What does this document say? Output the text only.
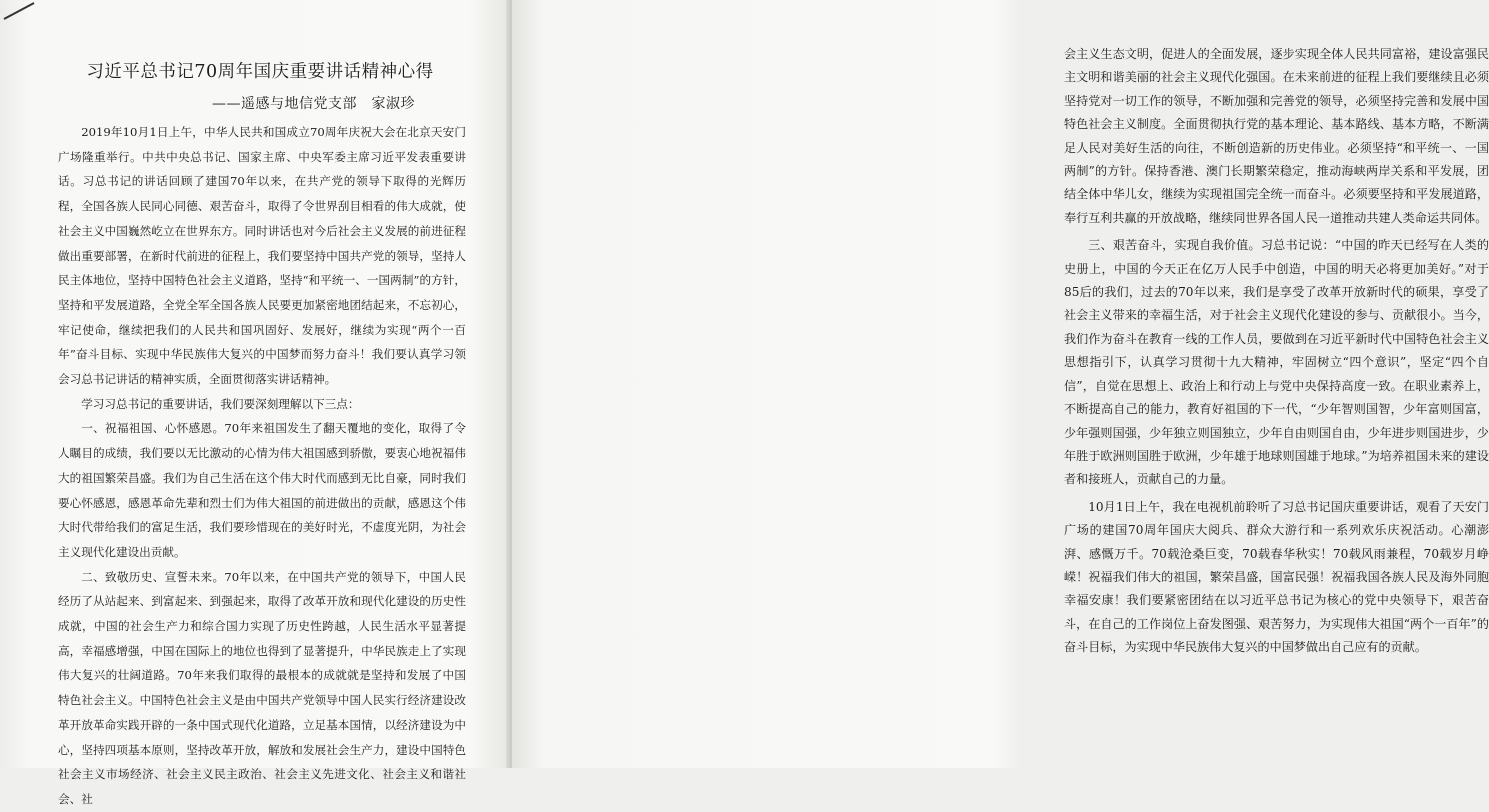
习近平总书记70周年国庆重要讲话精神心得
——遥感与地信党支部　家淑珍

2019年10月1日上午，中华人民共和国成立70周年庆祝大会在北京天安门广场隆重举行。中共中央总书记、国家主席、中央军委主席习近平发表重要讲话。习总书记的讲话回顾了建国70年以来，在共产党的领导下取得的光辉历程，全国各族人民同心同德、艰苦奋斗，取得了令世界刮目相看的伟大成就，使社会主义中国巍然屹立在世界东方。同时讲话也对今后社会主义发展的前进征程做出重要部署，在新时代前进的征程上，我们要坚持中国共产党的领导，坚持人民主体地位，坚持中国特色社会主义道路，坚持“和平统一、一国两制”的方针，坚持和平发展道路，全党全军全国各族人民要更加紧密地团结起来，不忘初心，牢记使命，继续把我们的人民共和国巩固好、发展好，继续为实现“两个一百年”奋斗目标、实现中华民族伟大复兴的中国梦而努力奋斗！我们要认真学习领会习总书记讲话的精神实质，全面贯彻落实讲话精神。

学习习总书记的重要讲话，我们要深刻理解以下三点：

一、祝福祖国、心怀感恩。70年来祖国发生了翻天覆地的变化，取得了令人瞩目的成绩，我们要以无比激动的心情为伟大祖国感到骄傲，要衷心地祝福伟大的祖国繁荣昌盛。我们为自己生活在这个伟大时代而感到无比自豪，同时我们要心怀感恩，感恩革命先辈和烈士们为伟大祖国的前进做出的贡献，感恩这个伟大时代带给我们的富足生活，我们要珍惜现在的美好时光，不虚度光阴，为社会主义现代化建设出贡献。

二、致敬历史、宣誓未来。70年以来，在中国共产党的领导下，中国人民经历了从站起来、到富起来、到强起来，取得了改革开放和现代化建设的历史性成就，中国的社会生产力和综合国力实现了历史性跨越，人民生活水平显著提高，幸福感增强，中国在国际上的地位也得到了显著提升，中华民族走上了实现伟大复兴的壮阔道路。70年来我们取得的最根本的成就就是坚持和发展了中国特色社会主义。中国特色社会主义是由中国共产党领导中国人民实行经济建设改革开放革命实践开辟的一条中国式现代化道路，立足基本国情，以经济建设为中心，坚持四项基本原则，坚持改革开放，解放和发展社会生产力，建设中国特色社会主义市场经济、社会主义民主政治、社会主义先进文化、社会主义和谐社会、社

会主义生态文明，促进人的全面发展，逐步实现全体人民共同富裕，建设富强民主文明和谐美丽的社会主义现代化强国。在未来前进的征程上我们要继续且必须坚持党对一切工作的领导，不断加强和完善党的领导，必须坚持完善和发展中国特色社会主义制度。全面贯彻执行党的基本理论、基本路线、基本方略，不断满足人民对美好生活的向往，不断创造新的历史伟业。必须坚持“和平统一、一国两制”的方针。保持香港、澳门长期繁荣稳定，推动海峡两岸关系和平发展，团结全体中华儿女，继续为实现祖国完全统一而奋斗。必须要坚持和平发展道路，奉行互利共赢的开放战略，继续同世界各国人民一道推动共建人类命运共同体。

三、艰苦奋斗，实现自我价值。习总书记说：“中国的昨天已经写在人类的史册上，中国的今天正在亿万人民手中创造，中国的明天必将更加美好。”对于85后的我们，过去的70年以来，我们是享受了改革开放新时代的硕果，享受了社会主义带来的幸福生活，对于社会主义现代化建设的参与、贡献很小。当今，我们作为奋斗在教育一线的工作人员，要做到在习近平新时代中国特色社会主义思想指引下，认真学习贯彻十九大精神，牢固树立“四个意识”，坚定“四个自信”，自觉在思想上、政治上和行动上与党中央保持高度一致。在职业素养上，不断提高自己的能力，教育好祖国的下一代，“少年智则国智，少年富则国富，少年强则国强，少年独立则国独立，少年自由则国自由，少年进步则国进步，少年胜于欧洲则国胜于欧洲，少年雄于地球则国雄于地球。”为培养祖国未来的建设者和接班人，贡献自己的力量。

10月1日上午，我在电视机前聆听了习总书记国庆重要讲话，观看了天安门广场的建国70周年国庆大阅兵、群众大游行和一系列欢乐庆祝活动。心潮澎湃、感慨万千。70载沧桑巨变，70载春华秋实！70载风雨兼程，70载岁月峥嵘！祝福我们伟大的祖国，繁荣昌盛，国富民强！祝福我国各族人民及海外同胞幸福安康！我们要紧密团结在以习近平总书记为核心的党中央领导下，艰苦奋斗，在自己的工作岗位上奋发图强、艰苦努力，为实现伟大祖国“两个一百年”的奋斗目标，为实现中华民族伟大复兴的中国梦做出自己应有的贡献。
